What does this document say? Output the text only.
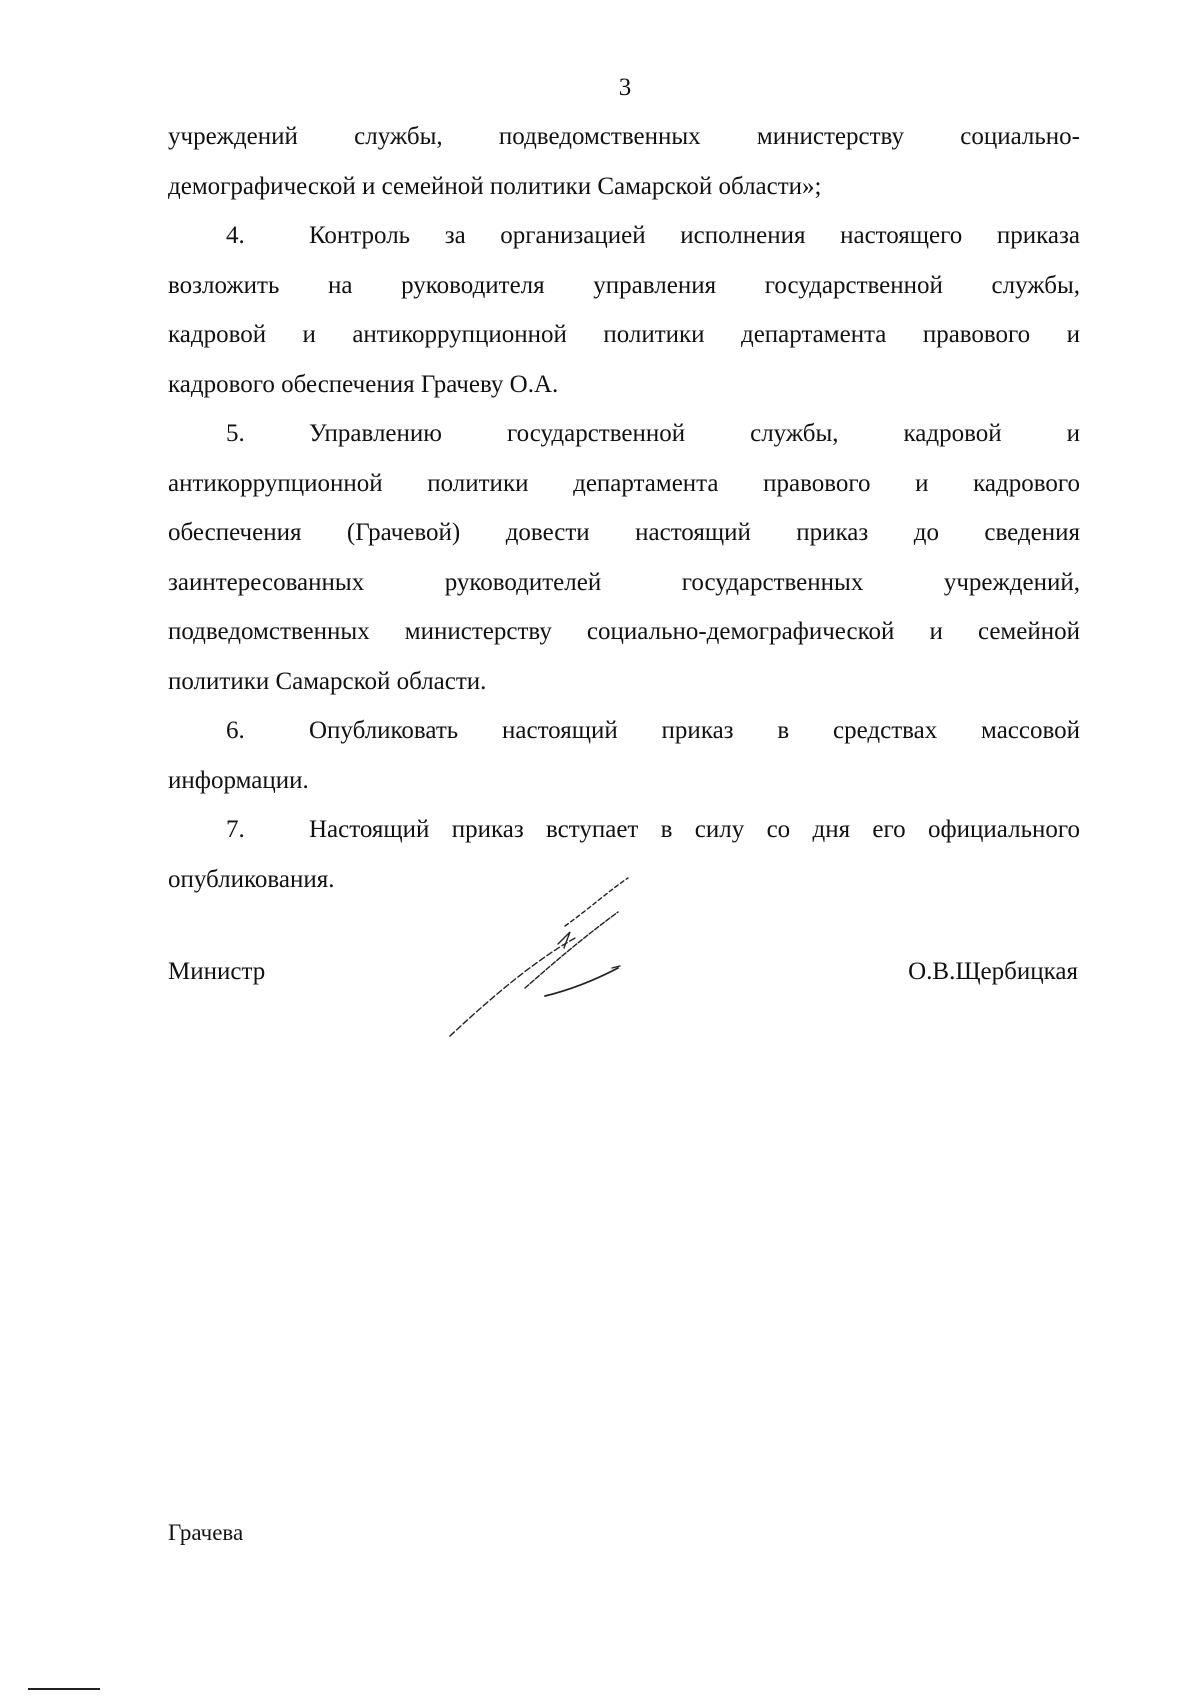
3
учреждений службы, подведомственных министерству социально-
демографической и семейной политики Самарской области»;
4.	Контроль за организацией исполнения настоящего приказа
возложить на руководителя управления государственной службы,
кадровой и антикоррупционной политики департамента правового и
кадрового обеспечения Грачеву О.А.
5.	Управлению государственной службы, кадровой и
антикоррупционной политики департамента правового и кадрового
обеспечения (Грачевой) довести настоящий приказ до сведения
заинтересованных руководителей государственных учреждений,
подведомственных министерству социально-демографической и семейной
политики Самарской области.
6.	Опубликовать настоящий приказ в средствах массовой
информации.
7.	Настоящий приказ вступает в силу со дня его официального
опубликования.
Министр	О.В.Щербицкая
Грачева
